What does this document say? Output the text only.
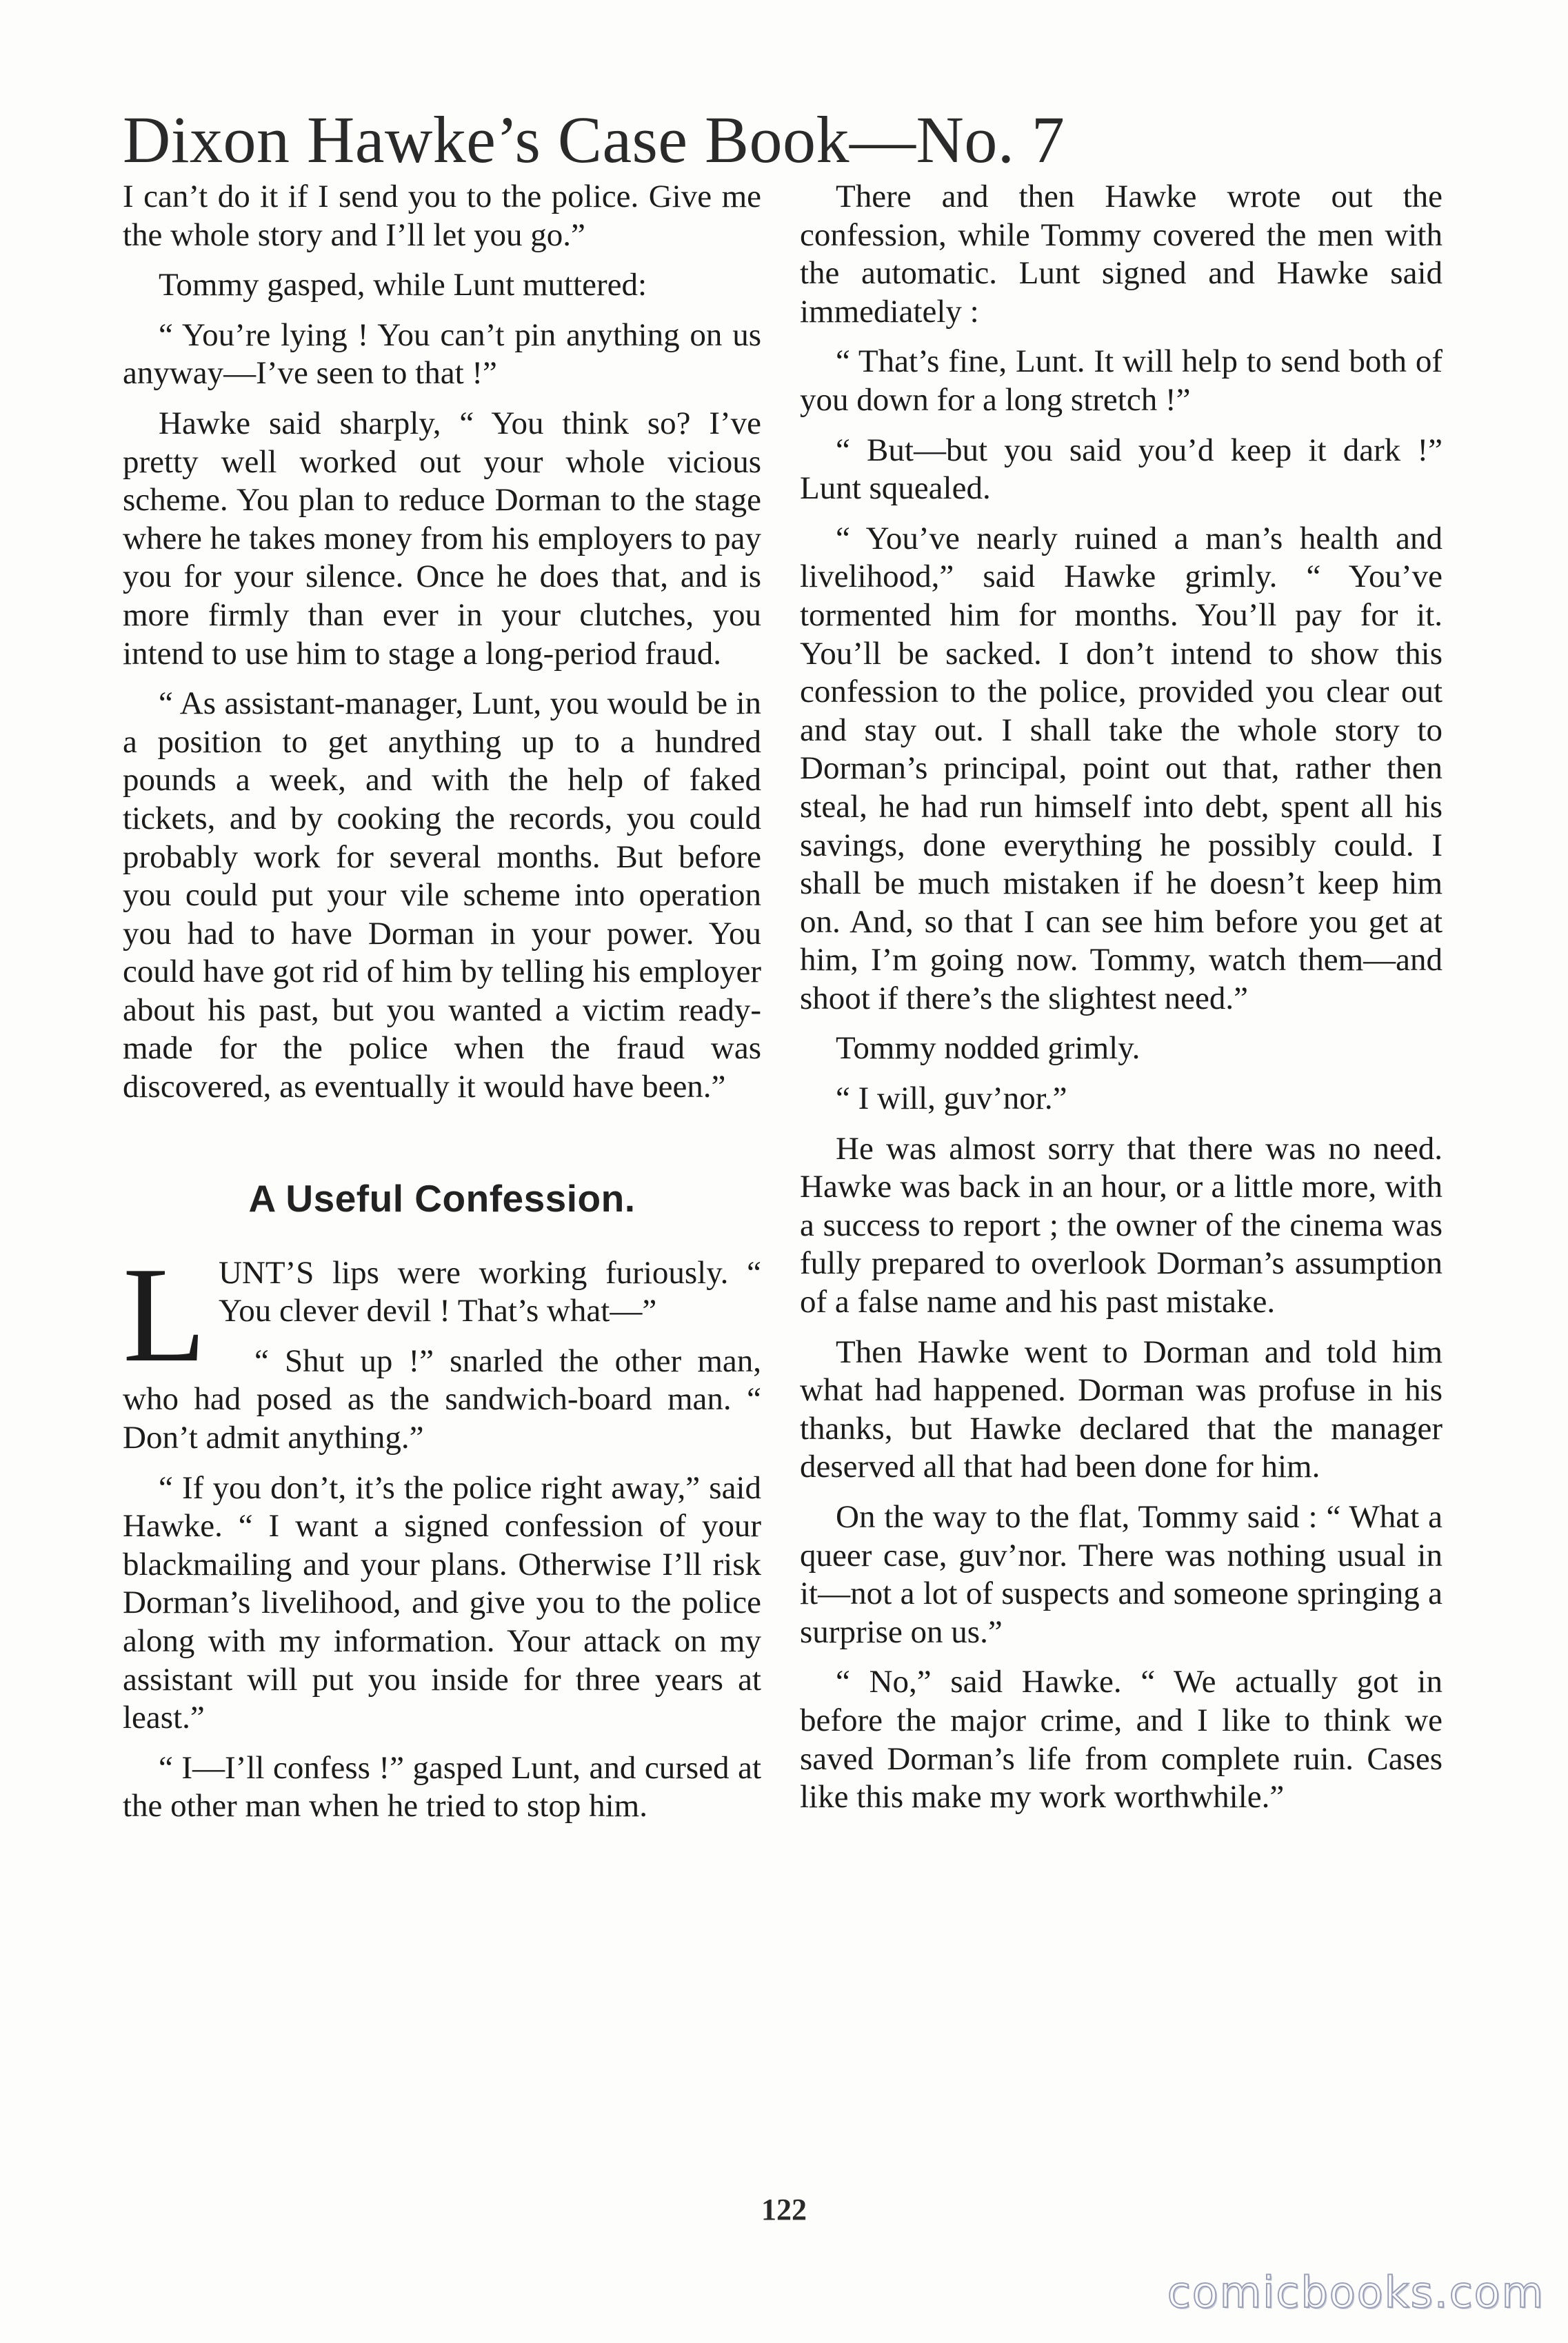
Dixon Hawke’s Case Book—No. 7

I can’t do it if I send you to the police. Give me the whole story and I’ll let you go.”

Tommy gasped, while Lunt muttered:

“ You’re lying ! You can’t pin anything on us anyway—I’ve seen to that !”

Hawke said sharply, “ You think so? I’ve pretty well worked out your whole vicious scheme. You plan to reduce Dorman to the stage where he takes money from his employers to pay you for your silence. Once he does that, and is more firmly than ever in your clutches, you intend to use him to stage a long-period fraud.

“ As assistant-manager, Lunt, you would be in a position to get anything up to a hundred pounds a week, and with the help of faked tickets, and by cooking the records, you could probably work for several months. But before you could put your vile scheme into operation you had to have Dorman in your power. You could have got rid of him by telling his employer about his past, but you wanted a victim ready-made for the police when the fraud was discovered, as eventually it would have been.”

A Useful Confession.

LUNT’S lips were working furiously. “ You clever devil ! That’s what—”

“ Shut up !” snarled the other man, who had posed as the sandwich-board man. “ Don’t admit anything.”

“ If you don’t, it’s the police right away,” said Hawke. “ I want a signed confession of your blackmailing and your plans. Otherwise I’ll risk Dorman’s livelihood, and give you to the police along with my information. Your attack on my assistant will put you inside for three years at least.”

“ I—I’ll confess !” gasped Lunt, and cursed at the other man when he tried to stop him.

There and then Hawke wrote out the confession, while Tommy covered the men with the automatic. Lunt signed and Hawke said immediately :

“ That’s fine, Lunt. It will help to send both of you down for a long stretch !”

“ But—but you said you’d keep it dark !” Lunt squealed.

“ You’ve nearly ruined a man’s health and livelihood,” said Hawke grimly. “ You’ve tormented him for months. You’ll pay for it. You’ll be sacked. I don’t intend to show this confession to the police, provided you clear out and stay out. I shall take the whole story to Dorman’s principal, point out that, rather then steal, he had run himself into debt, spent all his savings, done everything he possibly could. I shall be much mistaken if he doesn’t keep him on. And, so that I can see him before you get at him, I’m going now. Tommy, watch them—and shoot if there’s the slightest need.”

Tommy nodded grimly.

“ I will, guv’nor.”

He was almost sorry that there was no need. Hawke was back in an hour, or a little more, with a success to report ; the owner of the cinema was fully prepared to overlook Dorman’s assumption of a false name and his past mistake.

Then Hawke went to Dorman and told him what had happened. Dorman was profuse in his thanks, but Hawke declared that the manager deserved all that had been done for him.

On the way to the flat, Tommy said : “ What a queer case, guv’nor. There was nothing usual in it—not a lot of suspects and someone springing a surprise on us.”

“ No,” said Hawke. “ We actually got in before the major crime, and I like to think we saved Dorman’s life from complete ruin. Cases like this make my work worthwhile.”

122
comicbooks.com
